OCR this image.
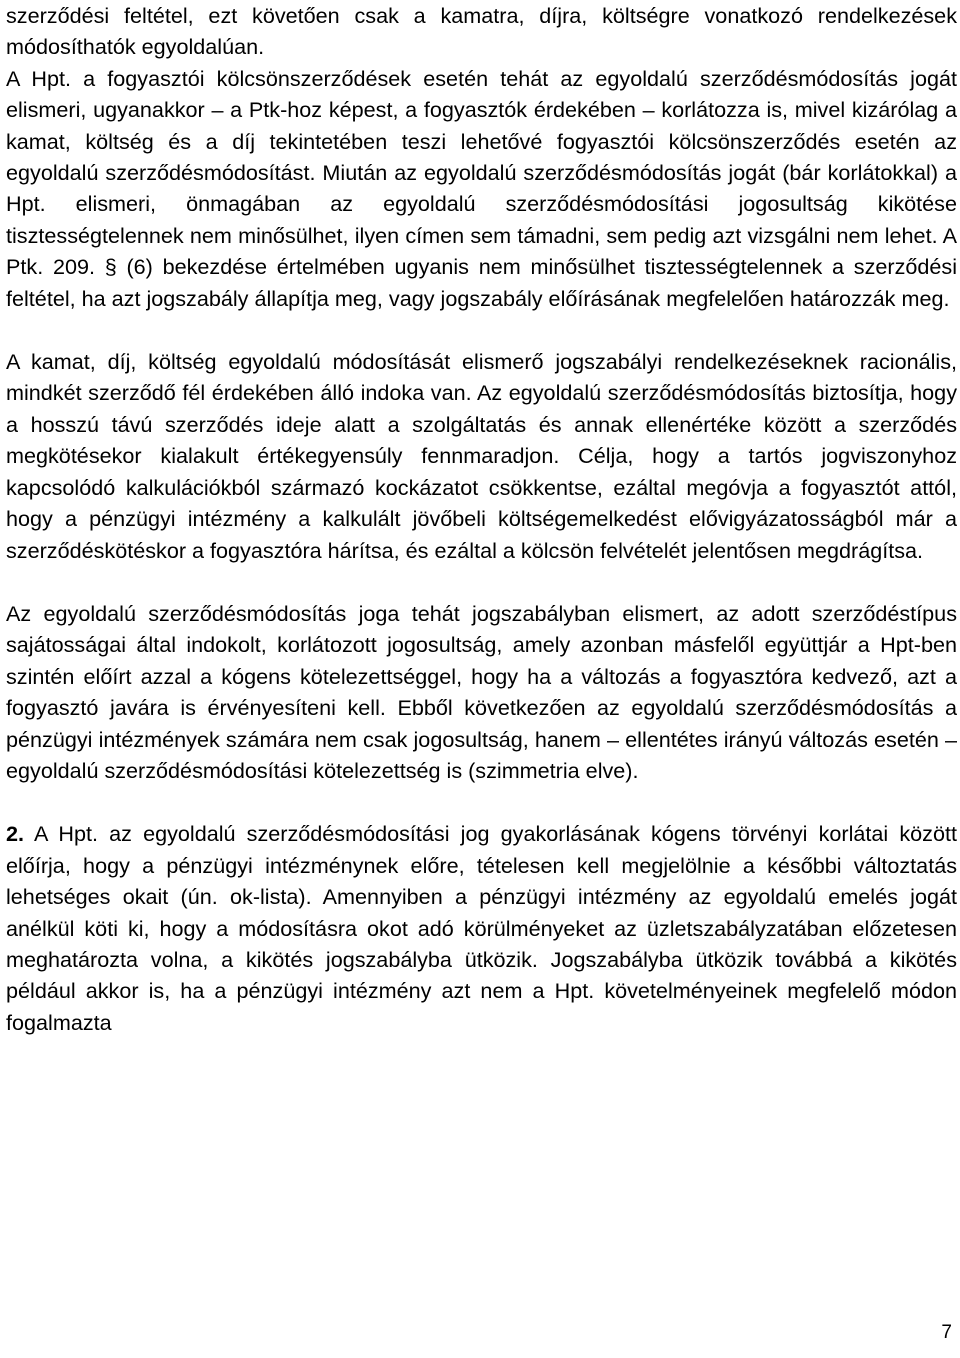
szerződési feltétel, ezt követően csak a kamatra, díjra, költségre vonatkozó rendelkezések módosíthatók egyoldalúan.

A Hpt. a fogyasztói kölcsönszerződések esetén tehát az egyoldalú szerződésmódosítás jogát elismeri, ugyanakkor – a Ptk-hoz képest, a fogyasztók érdekében – korlátozza is, mivel kizárólag a kamat, költség és a díj tekintetében teszi lehetővé fogyasztói kölcsönszerződés esetén az egyoldalú szerződésmódosítást. Miután az egyoldalú szerződésmódosítás jogát (bár korlátokkal) a Hpt. elismeri, önmagában az egyoldalú szerződésmódosítási jogosultság kikötése tisztességtelennek nem minősülhet, ilyen címen sem támadni, sem pedig azt vizsgálni nem lehet. A Ptk. 209. § (6) bekezdése értelmében ugyanis nem minősülhet tisztességtelennek a szerződési feltétel, ha azt jogszabály állapítja meg, vagy jogszabály előírásának megfelelően határozzák meg.

A kamat, díj, költség egyoldalú módosítását elismerő jogszabályi rendelkezéseknek racionális, mindkét szerződő fél érdekében álló indoka van. Az egyoldalú szerződésmódosítás biztosítja, hogy a hosszú távú szerződés ideje alatt a szolgáltatás és annak ellenértéke között a szerződés megkötésekor kialakult értékegyensúly fennmaradjon. Célja, hogy a tartós jogviszonyhoz kapcsolódó kalkulációkból származó kockázatot csökkentse, ezáltal megóvja a fogyasztót attól, hogy a pénzügyi intézmény a kalkulált jövőbeli költségemelkedést elővigyázatosságból már a szerződéskötéskor a fogyasztóra hárítsa, és ezáltal a kölcsön felvételét jelentősen megdrágítsa.

Az egyoldalú szerződésmódosítás joga tehát jogszabályban elismert, az adott szerződéstípus sajátosságai által indokolt, korlátozott jogosultság, amely azonban másfelől együttjár a Hpt-ben szintén előírt azzal a kógens kötelezettséggel, hogy ha a változás a fogyasztóra kedvező, azt a fogyasztó javára is érvényesíteni kell. Ebből következően az egyoldalú szerződésmódosítás a pénzügyi intézmények számára nem csak jogosultság, hanem – ellentétes irányú változás esetén – egyoldalú szerződésmódosítási kötelezettség is (szimmetria elve).

2. A Hpt. az egyoldalú szerződésmódosítási jog gyakorlásának kógens törvényi korlátai között előírja, hogy a pénzügyi intézménynek előre, tételesen kell megjelölnie a későbbi változtatás lehetséges okait (ún. ok-lista). Amennyiben a pénzügyi intézmény az egyoldalú emelés jogát anélkül köti ki, hogy a módosításra okot adó körülményeket az üzletszabályzatában előzetesen meghatározta volna, a kikötés jogszabályba ütközik. Jogszabályba ütközik továbbá a kikötés például akkor is, ha a pénzügyi intézmény azt nem a Hpt. követelményeinek megfelelő módon fogalmazta

7
